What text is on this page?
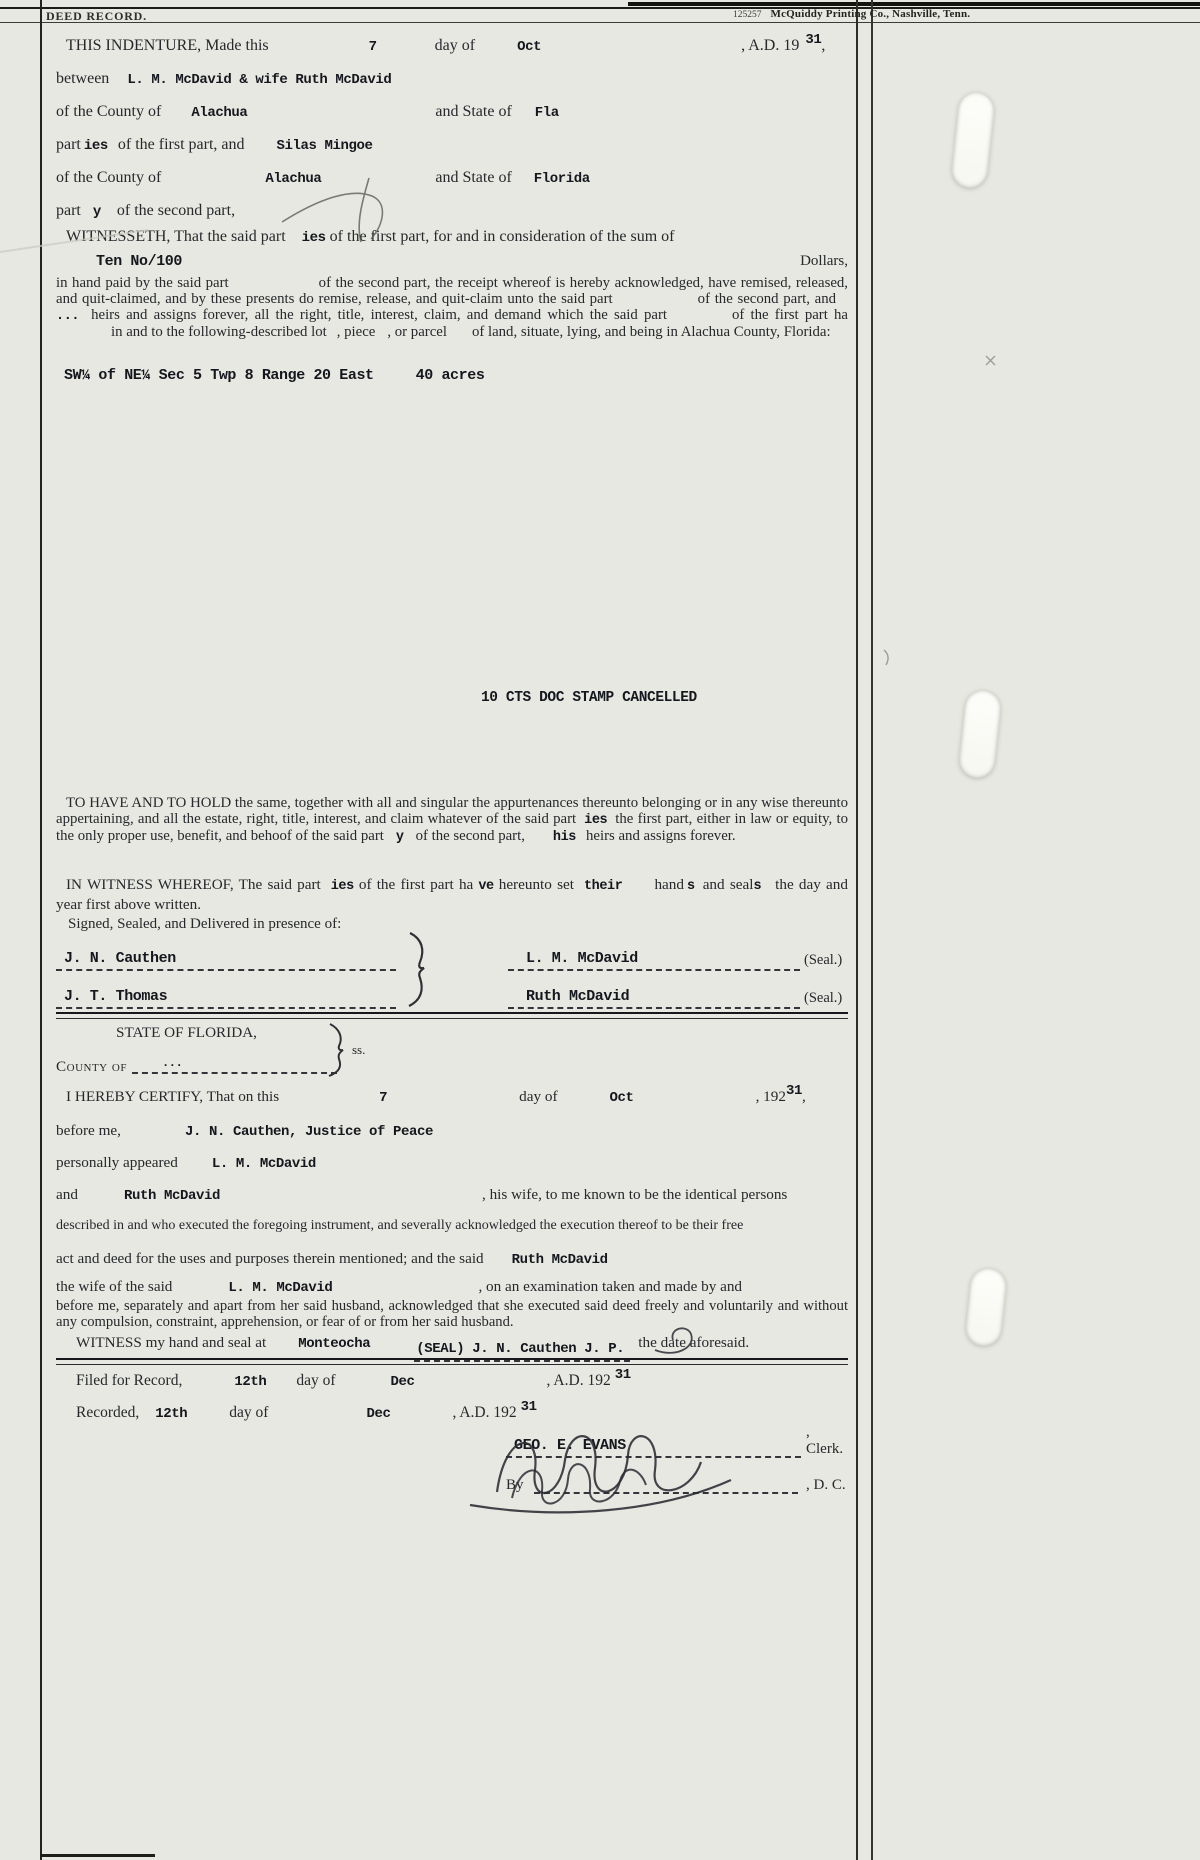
DEED RECORD.	125257 McQuiddy Printing Co., Nashville, Tenn.
THIS INDENTURE, Made this	7	day of	Oct	, A.D. 19 31,
between L. M. McDavid & wife Ruth McDavid
of the County of Alachua	and State of Fla
part ies of the first part, and Silas Mingoe
of the County of	Alachua	and State of Florida
part y of the second part,
WITNESSETH, That the said part ies of the first part, for and in consideration of the sum of
Ten No/100	Dollars,
in hand paid by the said part	of the second part, the receipt whereof is hereby acknowledged, have remised, released, and quit-claimed, and by these presents do remise, release, and quit-claim unto the said part	of the second part, and... heirs and assigns forever, all the right, title, interest, claim, and demand which the said part	of the first part hain and to the following-described lot , piece , or parcel of land, situate, lying, and being in Alachua County, Florida:
SW¼ of NE¼ Sec 5 Twp 8 Range 20 East	40 acres
10 CTS DOC STAMP CANCELLED
TO HAVE AND TO HOLD the same, together with all and singular the appurtenances thereunto belonging or in any wise thereunto appertaining, and all the estate, right, title, interest, and claim whatever of the said part ies the first part, either in law or equity, to the only proper use, benefit, and behoof of the said part y of the second part, his heirs and assigns forever.
IN WITNESS WHEREOF, The said part ies of the first part ha ve hereunto set their hand s and seals the day and year first above written.
Signed, Sealed, and Delivered in presence of:
J. N. Cauthen	L. M. McDavid	(Seal.)
J. T. Thomas	Ruth McDavid	(Seal.)
STATE OF FLORIDA,
ss.
County of	...
I HEREBY CERTIFY, That on this	7	day of	Oct	, 19231,
before me,	J. N. Cauthen, Justice of Peace
personally appeared L. M. McDavid
and	Ruth McDavid	, his wife, to me known to be the identical persons
described in and who executed the foregoing instrument, and severally acknowledged the execution thereof to be their free
act and deed for the uses and purposes therein mentioned; and the said Ruth McDavid
the wife of the said	L. M. McDavid	, on an examination taken and made by and
before me, separately and apart from her said husband, acknowledged that she executed said deed freely and voluntarily and without any compulsion, constraint, apprehension, or fear of or from her said husband.
WITNESS my hand and seal at Monteocha	(SEAL) J. N. Cauthen J. P. the date aforesaid.
Filed for Record,	12th day of	Dec	, A.D. 192 31
Recorded, 12th	day of	Dec	, A.D. 192 31
GEO. E. EVANS
, Clerk.
By	, D. C.
